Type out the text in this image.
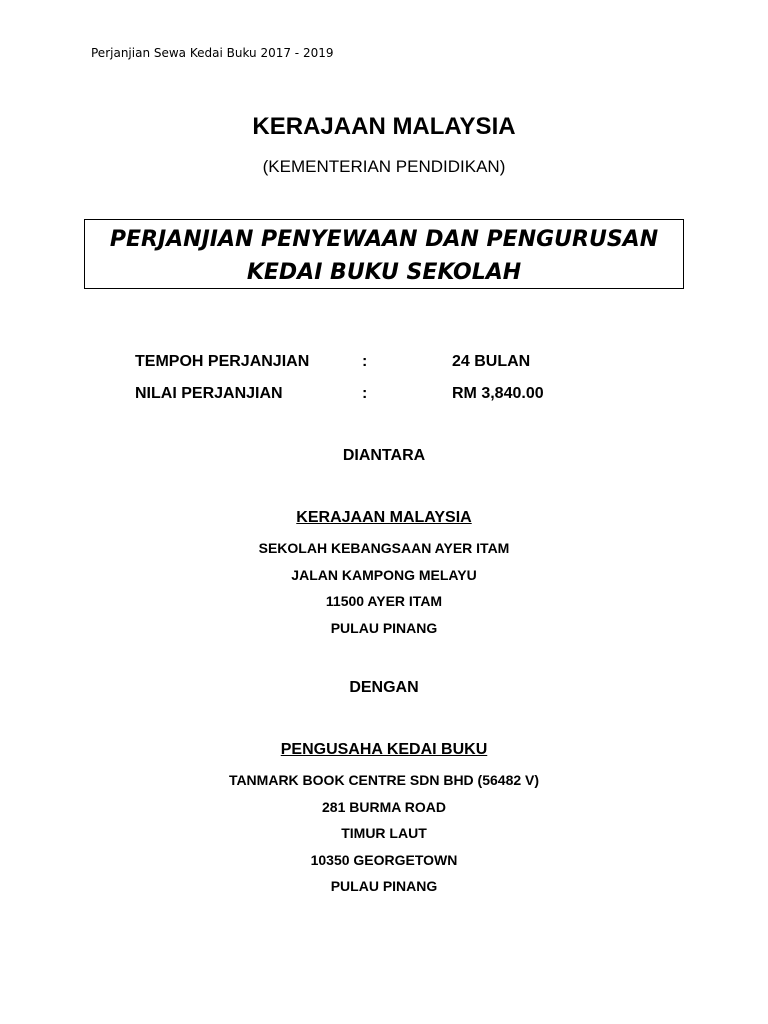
Perjanjian Sewa Kedai Buku 2017 - 2019
KERAJAAN MALAYSIA
(KEMENTERIAN PENDIDIKAN)
PERJANJIAN PENYEWAAN DAN PENGURUSAN
KEDAI BUKU SEKOLAH
TEMPOH PERJANJIAN	:	24 BULAN
NILAI PERJANJIAN	:	RM 3,840.00
DIANTARA
KERAJAAN MALAYSIA
SEKOLAH KEBANGSAAN AYER ITAM
JALAN KAMPONG MELAYU
11500 AYER ITAM
PULAU PINANG
DENGAN
PENGUSAHA KEDAI BUKU
TANMARK BOOK CENTRE SDN BHD (56482 V)
281 BURMA ROAD
TIMUR LAUT
10350 GEORGETOWN
PULAU PINANG
